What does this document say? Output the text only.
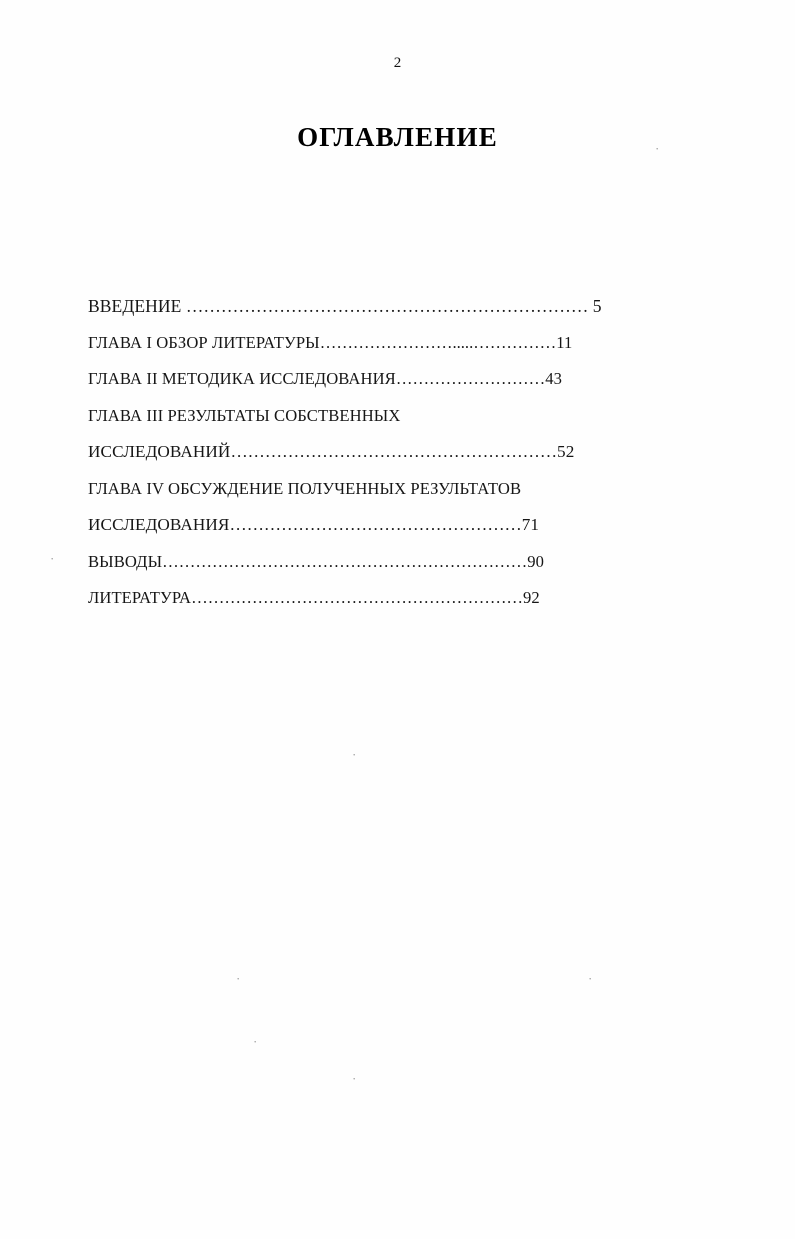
2
ОГЛАВЛЕНИЕ
ВВЕДЕНИЕ …………………………………………………………… 5
ГЛАВА I ОБЗОР ЛИТЕРАТУРЫ…………………….....……………11
ГЛАВА II МЕТОДИКА ИССЛЕДОВАНИЯ………………………43
ГЛАВА III РЕЗУЛЬТАТЫ СОБСТВЕННЫХ
ИССЛЕДОВАНИЙ…………………………………………………52
ГЛАВА IV ОБСУЖДЕНИЕ ПОЛУЧЕННЫХ РЕЗУЛЬТАТОВ
ИССЛЕДОВАНИЯ……………………………………………71
ВЫВОДЫ…………………………………………………………90
ЛИТЕРАТУРА……………………………………………………92
·
·
·
·	·
·
·
